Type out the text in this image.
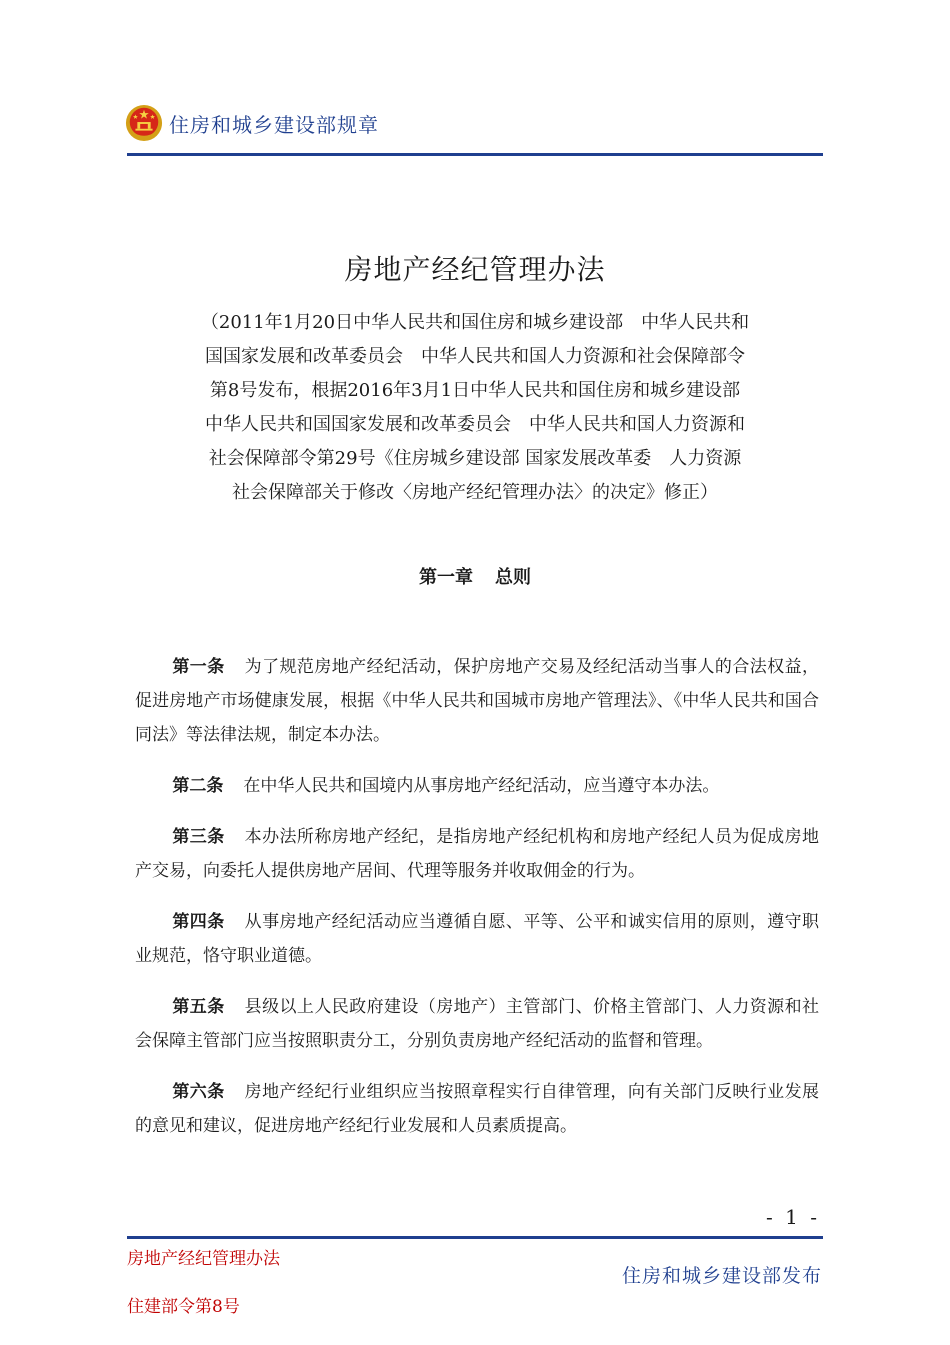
住房和城乡建设部规章
房地产经纪管理办法
（2011年1月20日中华人民共和国住房和城乡建设部　中华人民共和
国国家发展和改革委员会　中华人民共和国人力资源和社会保障部令
第8号发布，根据2016年3月1日中华人民共和国住房和城乡建设部
中华人民共和国国家发展和改革委员会　中华人民共和国人力资源和
社会保障部令第29号《住房城乡建设部 国家发展改革委　人力资源
社会保障部关于修改〈房地产经纪管理办法〉的决定》修正）
第一章 总则

第一条 为了规范房地产经纪活动，保护房地产交易及经纪活动当事人的合法权益，促进房地产市场健康发展，根据《中华人民共和国城市房地产管理法》、《中华人民共和国合同法》等法律法规，制定本办法。

第二条 在中华人民共和国境内从事房地产经纪活动，应当遵守本办法。

第三条 本办法所称房地产经纪，是指房地产经纪机构和房地产经纪人员为促成房地产交易，向委托人提供房地产居间、代理等服务并收取佣金的行为。

第四条 从事房地产经纪活动应当遵循自愿、平等、公平和诚实信用的原则，遵守职业规范，恪守职业道德。

第五条 县级以上人民政府建设（房地产）主管部门、价格主管部门、人力资源和社会保障主管部门应当按照职责分工，分别负责房地产经纪活动的监督和管理。

第六条 房地产经纪行业组织应当按照章程实行自律管理，向有关部门反映行业发展的意见和建议，促进房地产经纪行业发展和人员素质提高。

- 1 -
房地产经纪管理办法
住建部令第8号
住房和城乡建设部发布
